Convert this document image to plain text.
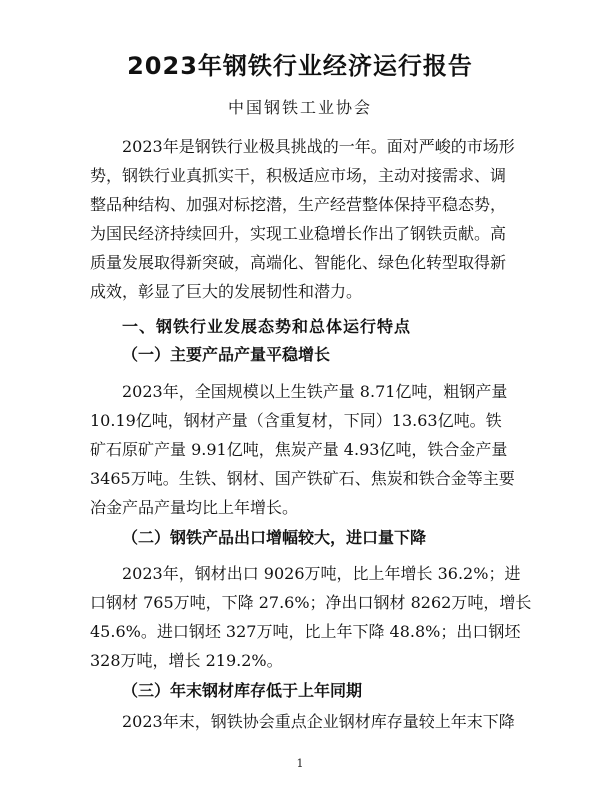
2023年钢铁行业经济运行报告
中国钢铁工业协会
2023年是钢铁行业极具挑战的一年。面对严峻的市场形
势，钢铁行业真抓实干，积极适应市场，主动对接需求、调
整品种结构、加强对标挖潜，生产经营整体保持平稳态势，
为国民经济持续回升，实现工业稳增长作出了钢铁贡献。高
质量发展取得新突破，高端化、智能化、绿色化转型取得新
成效，彰显了巨大的发展韧性和潜力。
一、钢铁行业发展态势和总体运行特点
（一）主要产品产量平稳增长
2023年，全国规模以上生铁产量 8.71亿吨，粗钢产量
10.19亿吨，钢材产量（含重复材，下同）13.63亿吨。铁
矿石原矿产量 9.91亿吨，焦炭产量 4.93亿吨，铁合金产量
3465万吨。生铁、钢材、国产铁矿石、焦炭和铁合金等主要
冶金产品产量均比上年增长。
（二）钢铁产品出口增幅较大，进口量下降
2023年，钢材出口 9026万吨，比上年增长 36.2%；进
口钢材 765万吨，下降 27.6%；净出口钢材 8262万吨，增长
45.6%。进口钢坯 327万吨，比上年下降 48.8%；出口钢坯
328万吨，增长 219.2%。
（三）年末钢材库存低于上年同期
2023年末，钢铁协会重点企业钢材库存量较上年末下降
1
